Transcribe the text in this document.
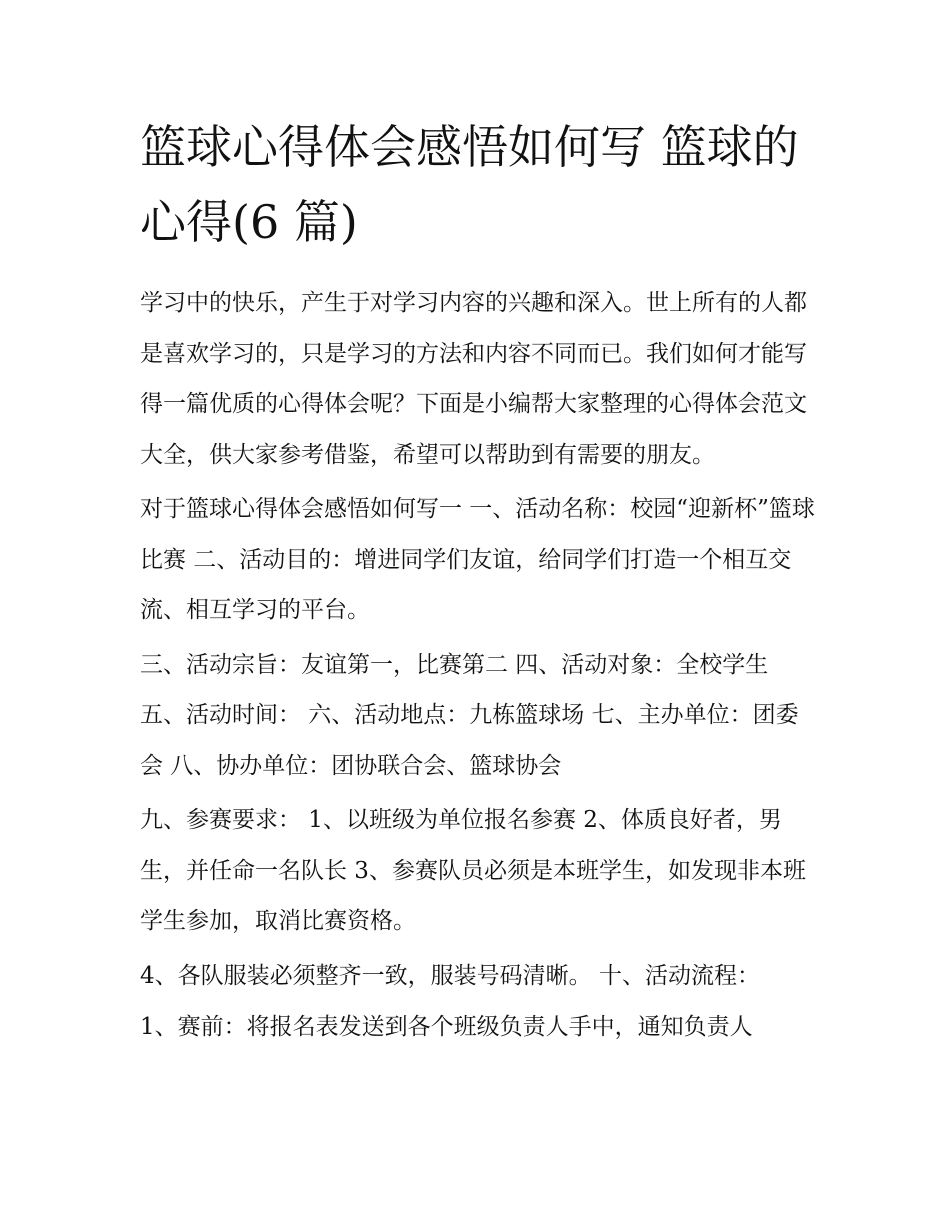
篮球心得体会感悟如何写 篮球的心得(6 篇)

学习中的快乐，产生于对学习内容的兴趣和深入。世上所有的人都是喜欢学习的，只是学习的方法和内容不同而已。我们如何才能写得一篇优质的心得体会呢？下面是小编帮大家整理的心得体会范文大全，供大家参考借鉴，希望可以帮助到有需要的朋友。

对于篮球心得体会感悟如何写一 一、活动名称：校园“迎新杯”篮球比赛 二、活动目的：增进同学们友谊，给同学们打造一个相互交流、相互学习的平台。

三、活动宗旨：友谊第一，比赛第二 四、活动对象：全校学生 五、活动时间： 六、活动地点：九栋篮球场 七、主办单位：团委会 八、协办单位：团协联合会、篮球协会

九、参赛要求： 1、以班级为单位报名参赛 2、体质良好者，男生，并任命一名队长 3、参赛队员必须是本班学生，如发现非本班学生参加，取消比赛资格。

4、各队服装必须整齐一致，服装号码清晰。 十、活动流程：

1、赛前：将报名表发送到各个班级负责人手中，通知负责人
